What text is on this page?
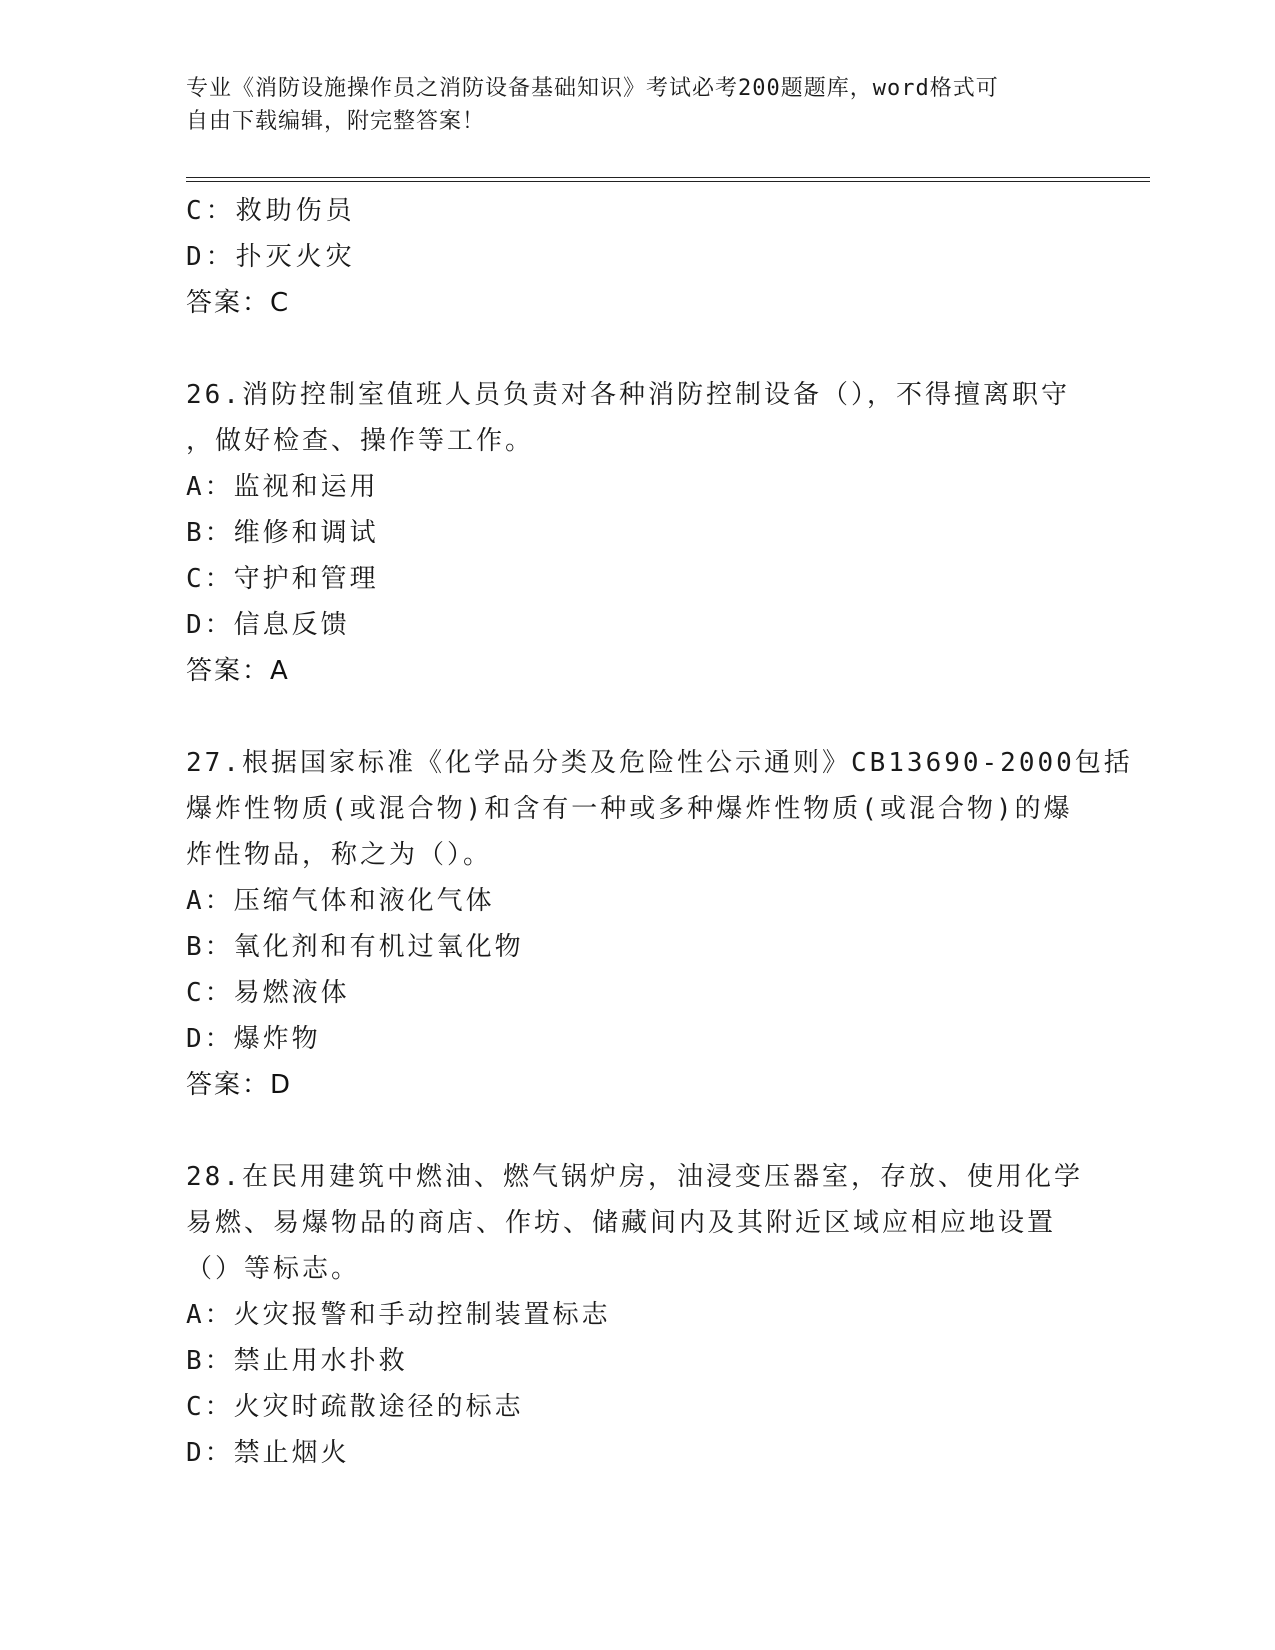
专业《消防设施操作员之消防设备基础知识》考试必考200题题库，word格式可
自由下载编辑，附完整答案！
C：救助伤员
D：扑灭火灾
答案：C
26.消防控制室值班人员负责对各种消防控制设备（），不得擅离职守
，做好检查、操作等工作。
A：监视和运用
B：维修和调试
C：守护和管理
D：信息反馈
答案：A
27.根据国家标准《化学品分类及危险性公示通则》CB13690-2000包括
爆炸性物质(或混合物)和含有一种或多种爆炸性物质(或混合物)的爆
炸性物品，称之为（）。
A：压缩气体和液化气体
B：氧化剂和有机过氧化物
C：易燃液体
D：爆炸物
答案：D
28.在民用建筑中燃油、燃气锅炉房，油浸变压器室，存放、使用化学
易燃、易爆物品的商店、作坊、储藏间内及其附近区域应相应地设置
（）等标志。
A：火灾报警和手动控制装置标志
B：禁止用水扑救
C：火灾时疏散途径的标志
D：禁止烟火
